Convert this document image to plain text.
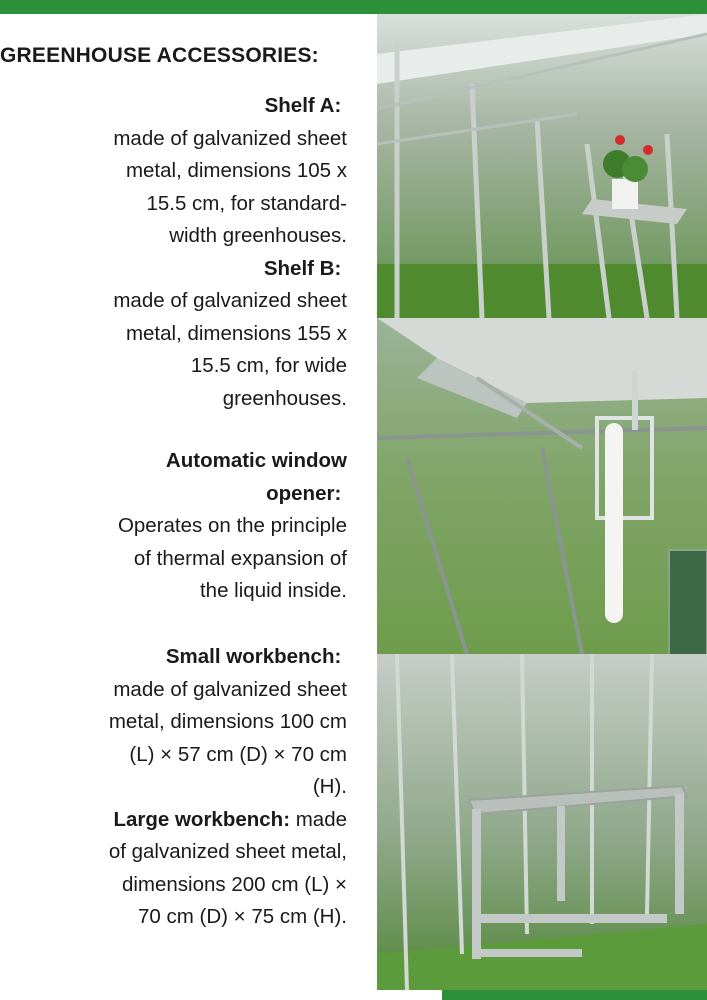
GREENHOUSE ACCESSORIES:
Shelf A:
made of galvanized sheet
metal, dimensions 105 x
15.5 cm, for standard-
width greenhouses.
Shelf B:
made of galvanized sheet
metal, dimensions 155 x
15.5 cm, for wide
greenhouses.
Automatic window
opener:
Operates on the principle
of thermal expansion of
the liquid inside.
Small workbench:
made of galvanized sheet
metal, dimensions 100 cm
(L) × 57 cm (D) × 70 cm
(H).
Large workbench: made
of galvanized sheet metal,
dimensions 200 cm (L) ×
70 cm (D) × 75 cm (H).
